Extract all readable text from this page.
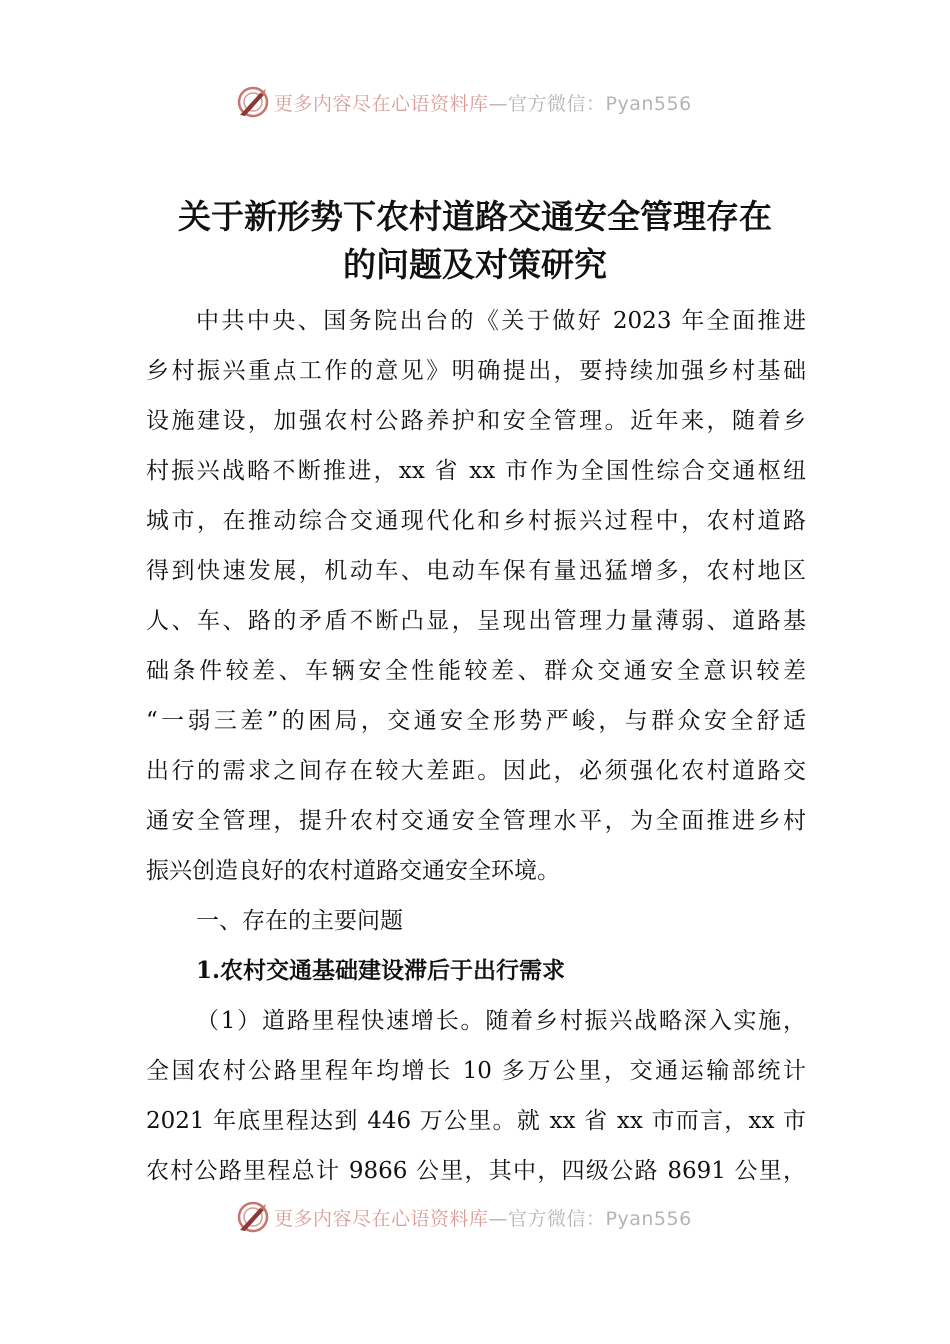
更多内容尽在心语资料库—官方微信：Pyan556
关于新形势下农村道路交通安全管理存在
的问题及对策研究

中共中央、国务院出台的《关于做好 2023 年全面推进
乡村振兴重点工作的意见》明确提出，要持续加强乡村基础
设施建设，加强农村公路养护和安全管理。近年来，随着乡
村振兴战略不断推进，xx 省 xx 市作为全国性综合交通枢纽
城市，在推动综合交通现代化和乡村振兴过程中，农村道路
得到快速发展，机动车、电动车保有量迅猛增多，农村地区
人、车、路的矛盾不断凸显，呈现出管理力量薄弱、道路基
础条件较差、车辆安全性能较差、群众交通安全意识较差
“一弱三差”的困局，交通安全形势严峻，与群众安全舒适
出行的需求之间存在较大差距。因此，必须强化农村道路交
通安全管理，提升农村交通安全管理水平，为全面推进乡村
振兴创造良好的农村道路交通安全环境。

一、存在的主要问题
1.农村交通基础建设滞后于出行需求

（1）道路里程快速增长。随着乡村振兴战略深入实施，
全国农村公路里程年均增长 10 多万公里，交通运输部统计
2021 年底里程达到 446 万公里。就 xx 省 xx 市而言，xx 市
农村公路里程总计 9866 公里，其中，四级公路 8691 公里，

更多内容尽在心语资料库—官方微信：Pyan556
